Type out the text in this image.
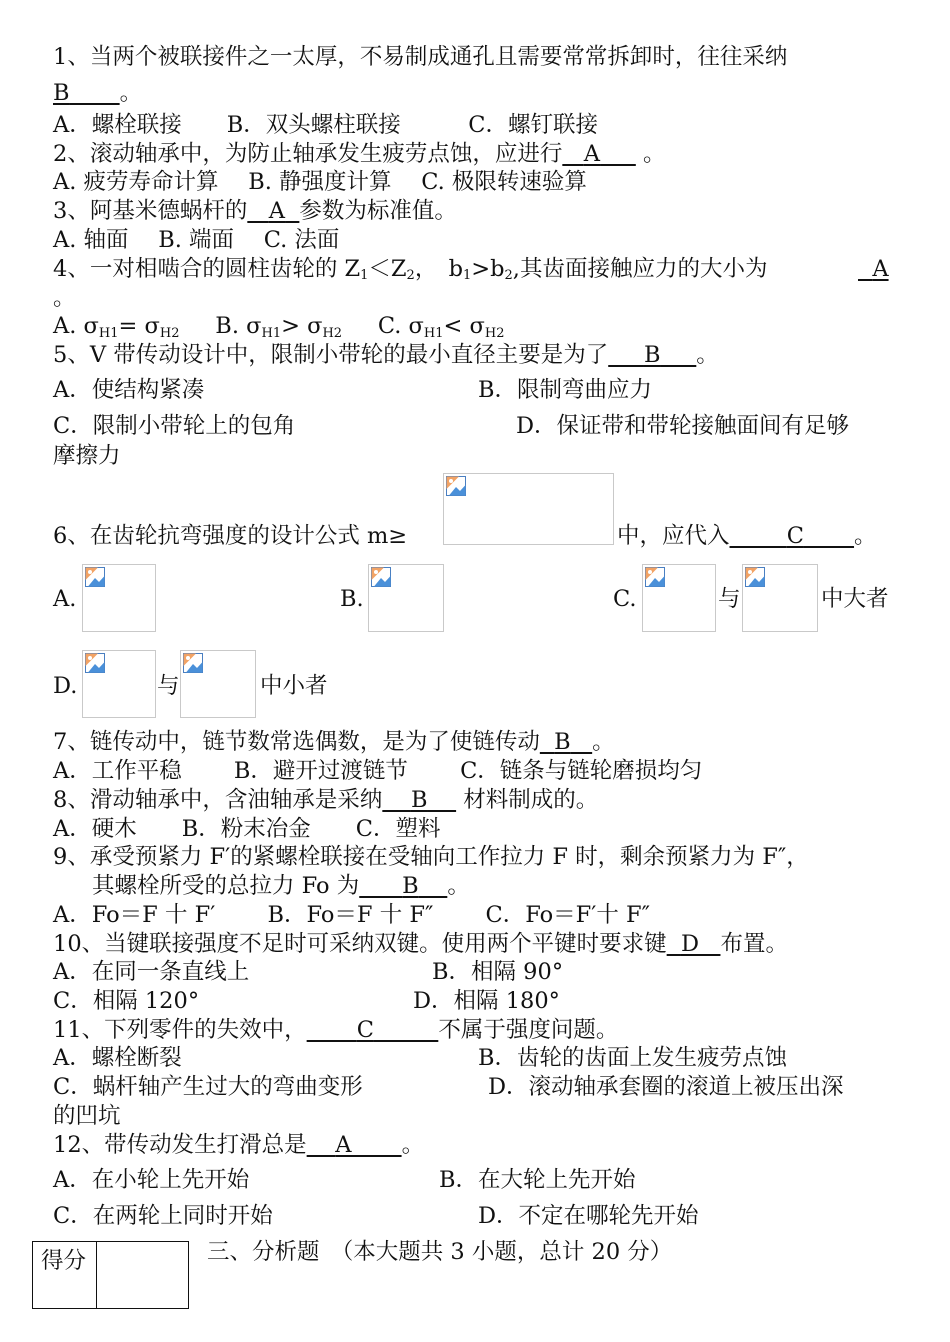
1、当两个被联接件之一太厚，不易制成通孔且需要常常拆卸时，往往采纳
B 。
A．螺栓联接　　B．双头螺柱联接　　　C．螺钉联接
2、滚动轴承中，为防止轴承发生疲劳点蚀，应进行 A      。
A. 疲劳寿命计算　 B. 静强度计算　 C. 极限转速验算
3、阿基米德蜗杆的 A 参数为标准值。
A. 轴面　 B. 端面　 C. 法面
4、一对相啮合的圆柱齿轮的 $Z_1<Z_2$，　$b_1>b_2$,其齿面接触应力的大小为	A
。
A. σH1= σH2 B. σH1> σH2 C. σH1< σH2
5、V 带传动设计中，限制小带轮的最小直径主要是为了 B 。
A．使结构紧凑	B．限制弯曲应力
C．限制小带轮上的包角	D．保证带和带轮接触面间有足够
摩擦力
6、在齿轮抗弯强度的设计公式 m≥	中，应代入	C 。
A.	B.	C.	与	中大者
D.	与	中小者
7、链传动中，链节数常选偶数，是为了使链传动 B 。
A．工作平稳　　 B．避开过渡链节　　 C．链条与链轮磨损均匀
8、滑动轴承中，含油轴承是采纳 B     材料制成的。
A．硬木　　B．粉末冶金　　C．塑料
9、承受预紧力 F′的紧螺栓联接在受轴向工作拉力 F 时，剩余预紧力为 F″，
其螺栓所受的总拉力 Fo 为 B 。
A．Fo＝F 十 F′　　 B．Fo＝F 十 F″　　 C．Fo＝F′十 F″
10、当键联接强度不足时可采纳双键。使用两个平键时要求键 D 布置。
A．在同一条直线上	B．相隔 90°
C．相隔 120°	D．相隔 180°
11、下列零件的失效中， C	不属于强度问题。
A．螺栓断裂	B．齿轮的齿面上发生疲劳点蚀
C．蜗杆轴产生过大的弯曲变形	D．滚动轴承套圈的滚道上被压出深
的凹坑
12、带传动发生打滑总是 A 。
A．在小轮上先开始	B．在大轮上先开始
C．在两轮上同时开始	D．不定在哪轮先开始
得分
		三、分析题　（本大题共 3 小题，总计 20 分）
